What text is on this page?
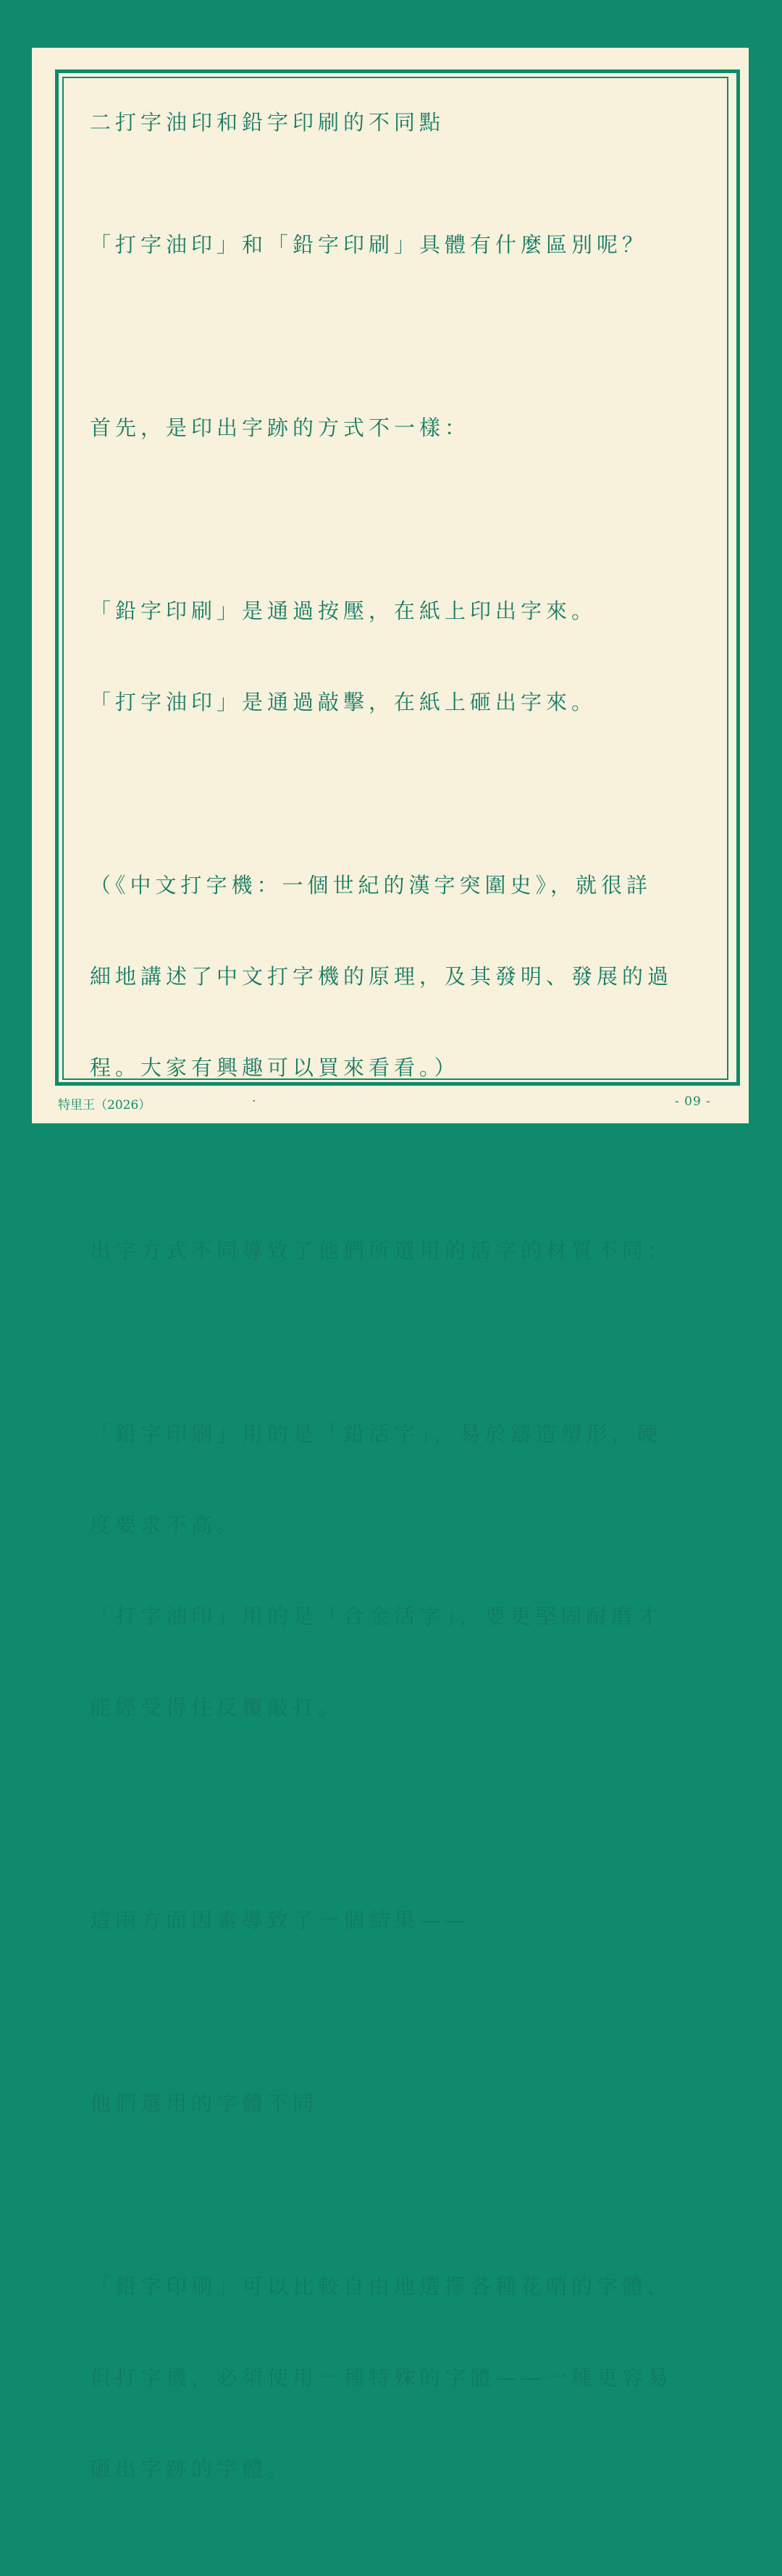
二打字油印和鉛字印刷的不同點

「打字油印」和「鉛字印刷」具體有什麼區別呢？

首先，是印出字跡的方式不一樣：

「鉛字印刷」是通過按壓，在紙上印出字來。

「打字油印」是通過敲擊，在紙上砸出字來。

（《中文打字機：一個世紀的漢字突圍史》，就很詳

細地講述了中文打字機的原理，及其發明、發展的過

程。大家有興趣可以買來看看。）

出字方式不同導致了他們所選用的活字的材質不同：

「鉛字印刷」用的是「鉛活字」，易於鑄造塑形，硬

度要求不高。

「打字油印」用的是「合金活字」，要更堅固耐磨才

能經受得住反覆敲打。

這兩方面因素導致了一個結果——

他們選用的字體不同

「鉛字印刷」可以比較自由地選擇各種花哨的字體，

但打字機，必須使用一種特殊的字體——一種更容易

砸出字跡的字體。

特里王（2026）	·	- 09 -
